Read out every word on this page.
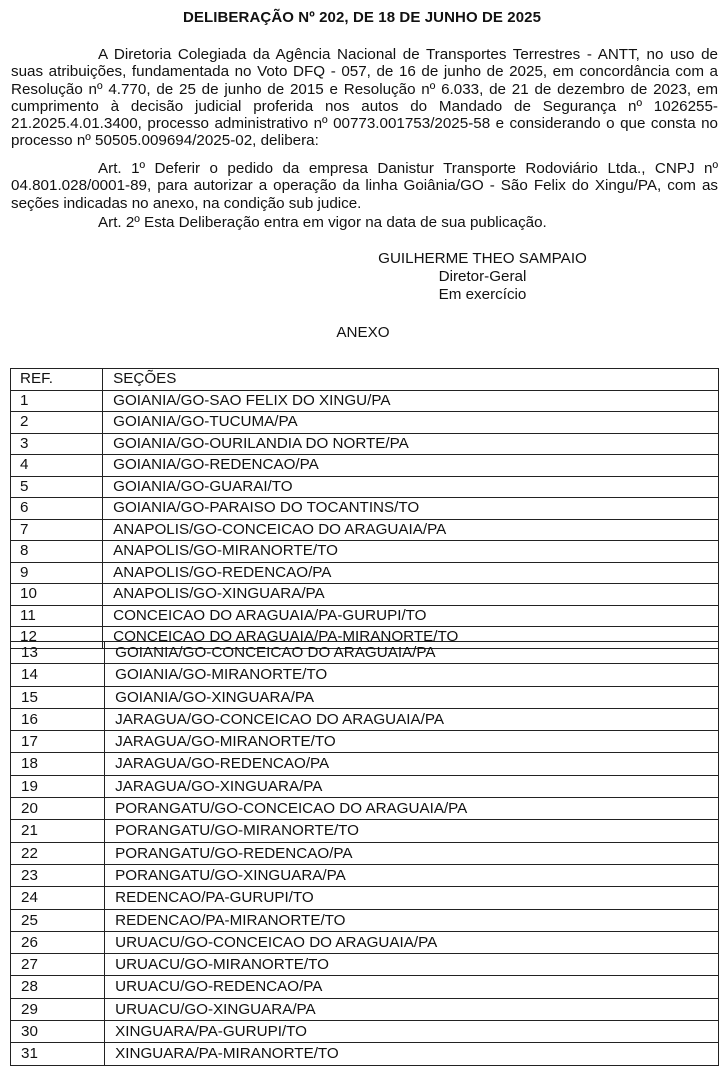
DELIBERAÇÃO Nº 202, DE 18 DE JUNHO DE 2025
A Diretoria Colegiada da Agência Nacional de Transportes Terrestres - ANTT, no uso de suas atribuições, fundamentada no Voto DFQ - 057, de 16 de junho de 2025, em concordância com a Resolução nº 4.770, de 25 de junho de 2015 e Resolução nº 6.033, de 21 de dezembro de 2023, em cumprimento à decisão judicial proferida nos autos do Mandado de Segurança nº 1026255-21.2025.4.01.3400, processo administrativo nº 00773.001753/2025-58 e considerando o que consta no processo nº 50505.009694/2025-02, delibera:
Art. 1º Deferir o pedido da empresa Danistur Transporte Rodoviário Ltda., CNPJ nº 04.801.028/0001-89, para autorizar a operação da linha Goiânia/GO - São Felix do Xingu/PA, com as seções indicadas no anexo, na condição sub judice.
Art. 2º Esta Deliberação entra em vigor na data de sua publicação.
GUILHERME THEO SAMPAIO
Diretor-Geral
Em exercício
ANEXO
REF.	SEÇÕES
1	GOIANIA/GO-SAO FELIX DO XINGU/PA
2	GOIANIA/GO-TUCUMA/PA
3	GOIANIA/GO-OURILANDIA DO NORTE/PA
4	GOIANIA/GO-REDENCAO/PA
5	GOIANIA/GO-GUARAI/TO
6	GOIANIA/GO-PARAISO DO TOCANTINS/TO
7	ANAPOLIS/GO-CONCEICAO DO ARAGUAIA/PA
8	ANAPOLIS/GO-MIRANORTE/TO
9	ANAPOLIS/GO-REDENCAO/PA
10	ANAPOLIS/GO-XINGUARA/PA
11	CONCEICAO DO ARAGUAIA/PA-GURUPI/TO
12	CONCEICAO DO ARAGUAIA/PA-MIRANORTE/TO
13	GOIANIA/GO-CONCEICAO DO ARAGUAIA/PA
14	GOIANIA/GO-MIRANORTE/TO
15	GOIANIA/GO-XINGUARA/PA
16	JARAGUA/GO-CONCEICAO DO ARAGUAIA/PA
17	JARAGUA/GO-MIRANORTE/TO
18	JARAGUA/GO-REDENCAO/PA
19	JARAGUA/GO-XINGUARA/PA
20	PORANGATU/GO-CONCEICAO DO ARAGUAIA/PA
21	PORANGATU/GO-MIRANORTE/TO
22	PORANGATU/GO-REDENCAO/PA
23	PORANGATU/GO-XINGUARA/PA
24	REDENCAO/PA-GURUPI/TO
25	REDENCAO/PA-MIRANORTE/TO
26	URUACU/GO-CONCEICAO DO ARAGUAIA/PA
27	URUACU/GO-MIRANORTE/TO
28	URUACU/GO-REDENCAO/PA
29	URUACU/GO-XINGUARA/PA
30	XINGUARA/PA-GURUPI/TO
31	XINGUARA/PA-MIRANORTE/TO
